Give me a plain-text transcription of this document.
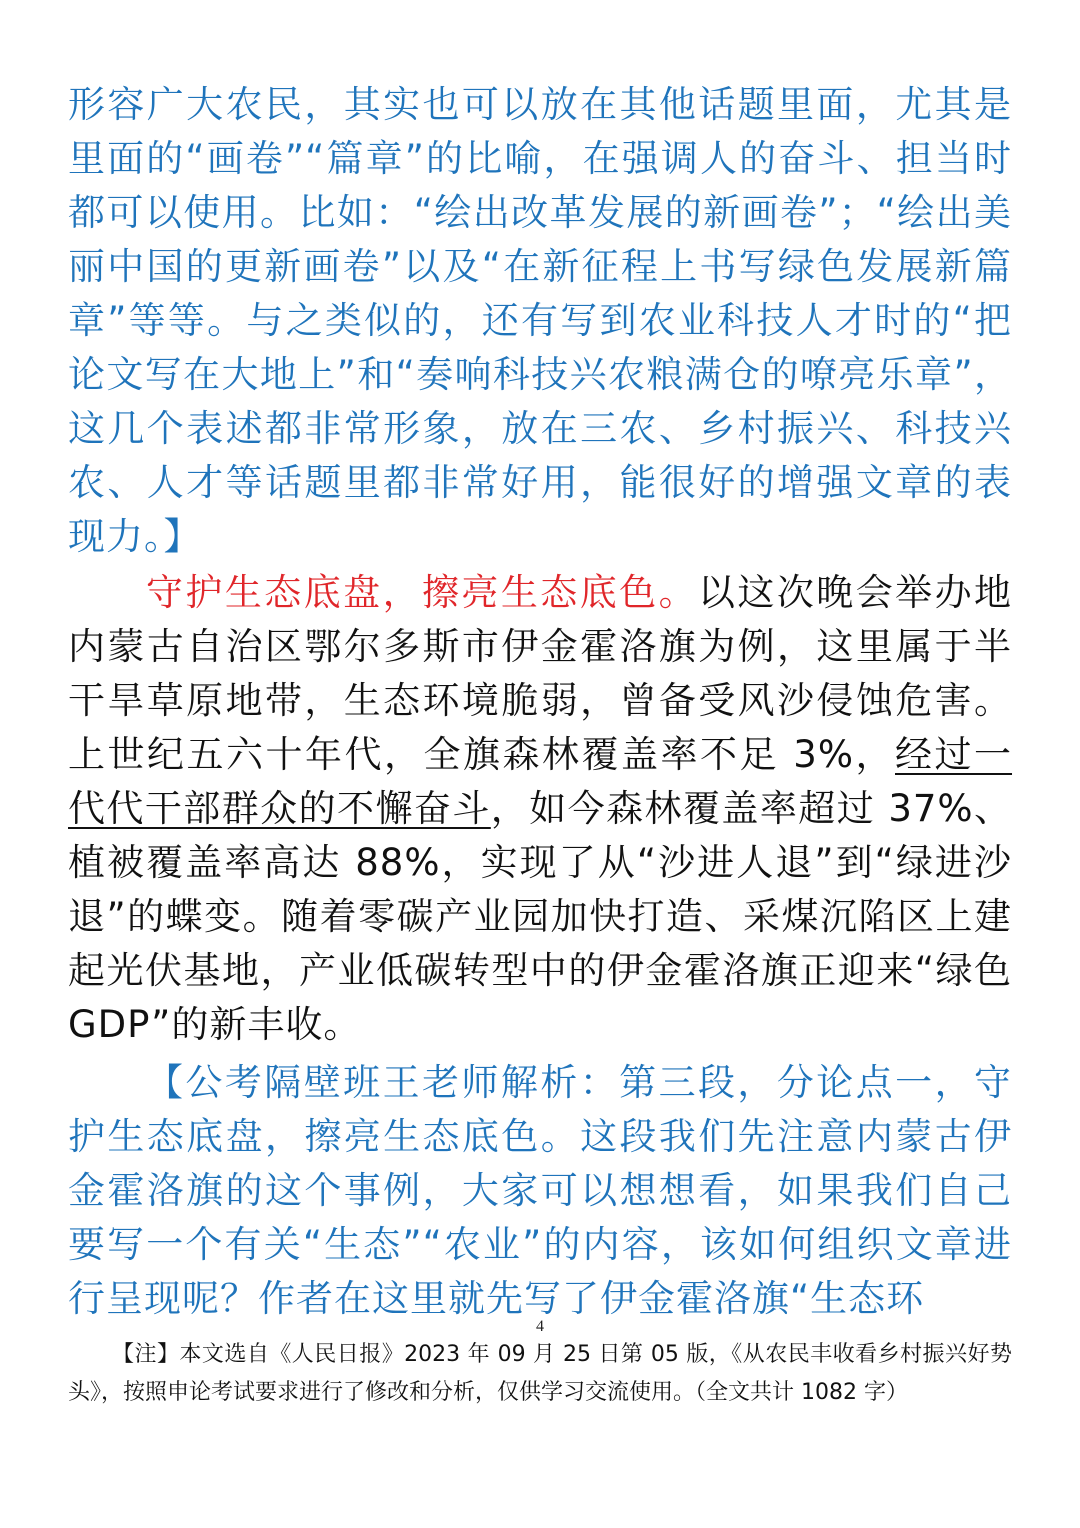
形容广大农民，其实也可以放在其他话题里面，尤其是里面的“画卷”“篇章”的比喻，在强调人的奋斗、担当时都可以使用。比如：“绘出改革发展的新画卷”；“绘出美丽中国的更新画卷”以及“在新征程上书写绿色发展新篇章”等等。与之类似的，还有写到农业科技人才时的“把论文写在大地上”和“奏响科技兴农粮满仓的嘹亮乐章”，这几个表述都非常形象，放在三农、乡村振兴、科技兴农、人才等话题里都非常好用，能很好的增强文章的表现力。】

守护生态底盘，擦亮生态底色。以这次晚会举办地内蒙古自治区鄂尔多斯市伊金霍洛旗为例，这里属于半干旱草原地带，生态环境脆弱，曾备受风沙侵蚀危害。上世纪五六十年代，全旗森林覆盖率不足 3%，经过一代代干部群众的不懈奋斗，如今森林覆盖率超过 37%、植被覆盖率高达 88%，实现了从“沙进人退”到“绿进沙退”的蝶变。随着零碳产业园加快打造、采煤沉陷区上建起光伏基地，产业低碳转型中的伊金霍洛旗正迎来“绿色 GDP”的新丰收。

【公考隔壁班王老师解析：第三段，分论点一，守护生态底盘，擦亮生态底色。这段我们先注意内蒙古伊金霍洛旗的这个事例，大家可以想想看，如果我们自己要写一个有关“生态”“农业”的内容，该如何组织文章进行呈现呢？作者在这里就先写了伊金霍洛旗“生态环

4

【注】本文选自《人民日报》2023 年 09 月 25 日第 05 版，《从农民丰收看乡村振兴好势头》，按照申论考试要求进行了修改和分析，仅供学习交流使用。（全文共计 1082 字）
